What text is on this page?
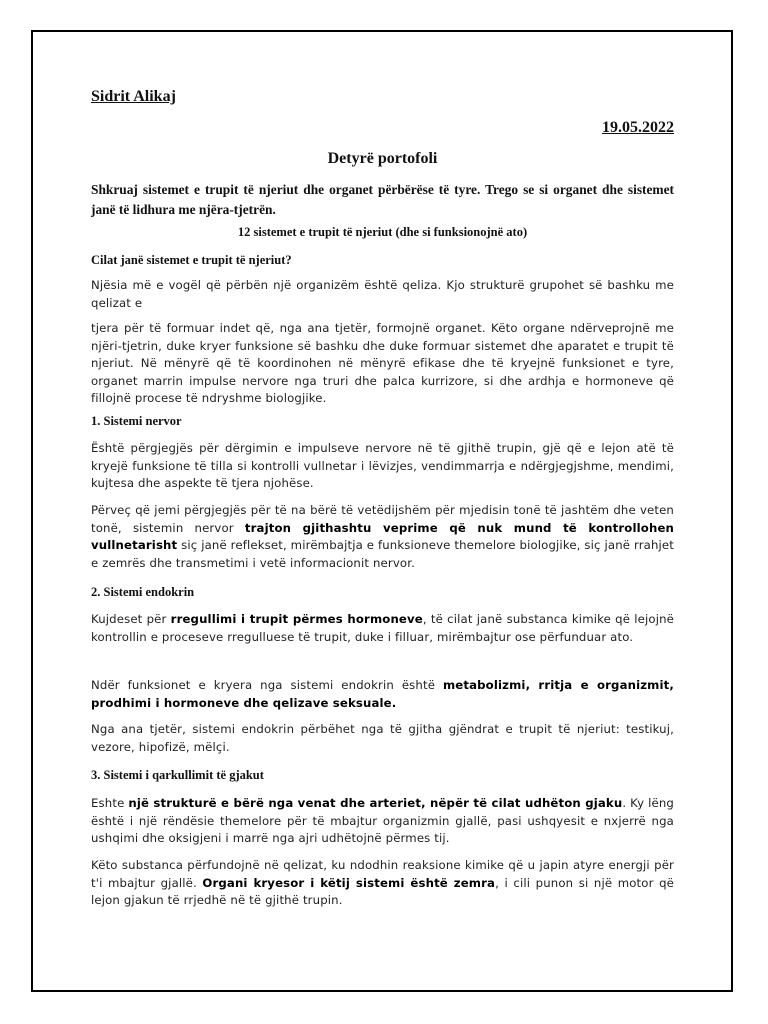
Sidrit Alikaj
19.05.2022
Detyrë portofoli
Shkruaj sistemet e trupit të njeriut dhe organet përbërëse të tyre. Trego se si organet dhe sistemet janë të lidhura me njëra-tjetrën.
12 sistemet e trupit të njeriut (dhe si funksionojnë ato)
Cilat janë sistemet e trupit të njeriut?
Njësia më e vogël që përbën një organizëm është qeliza. Kjo strukturë grupohet së bashku me qelizat e
tjera për të formuar indet që, nga ana tjetër, formojnë organet. Këto organe ndërveprojnë me njëri-tjetrin, duke kryer funksione së bashku dhe duke formuar sistemet dhe aparatet e trupit të njeriut. Në mënyrë që të koordinohen në mënyrë efikase dhe të kryejnë funksionet e tyre, organet marrin impulse nervore nga truri dhe palca kurrizore, si dhe ardhja e hormoneve që fillojnë procese të ndryshme biologjike.
1. Sistemi nervor
Është përgjegjës për dërgimin e impulseve nervore në të gjithë trupin, gjë që e lejon atë të kryejë funksione të tilla si kontrolli vullnetar i lëvizjes, vendimmarrja e ndërgjegjshme, mendimi, kujtesa dhe aspekte të tjera njohëse.
Përveç që jemi përgjegjës për të na bërë të vetëdijshëm për mjedisin tonë të jashtëm dhe veten tonë, sistemin nervor trajton gjithashtu veprime që nuk mund të kontrollohen vullnetarisht siç janë reflekset, mirëmbajtja e funksioneve themelore biologjike, siç janë rrahjet e zemrës dhe transmetimi i vetë informacionit nervor.
2. Sistemi endokrin
Kujdeset për rregullimi i trupit përmes hormoneve, të cilat janë substanca kimike që lejojnë kontrollin e proceseve rregulluese të trupit, duke i filluar, mirëmbajtur ose përfunduar ato.
Ndër funksionet e kryera nga sistemi endokrin është metabolizmi, rritja e organizmit, prodhimi i hormoneve dhe qelizave seksuale.
Nga ana tjetër, sistemi endokrin përbëhet nga të gjitha gjëndrat e trupit të njeriut: testikuj, vezore, hipofizë, mëlçi.
3. Sistemi i qarkullimit të gjakut
Eshte një strukturë e bërë nga venat dhe arteriet, nëpër të cilat udhëton gjaku. Ky lëng është i një rëndësie themelore për të mbajtur organizmin gjallë, pasi ushqyesit e nxjerrë nga ushqimi dhe oksigjeni i marrë nga ajri udhëtojnë përmes tij.
Këto substanca përfundojnë në qelizat, ku ndodhin reaksione kimike që u japin atyre energji për t'i mbajtur gjallë. Organi kryesor i këtij sistemi është zemra, i cili punon si një motor që lejon gjakun të rrjedhë në të gjithë trupin.
